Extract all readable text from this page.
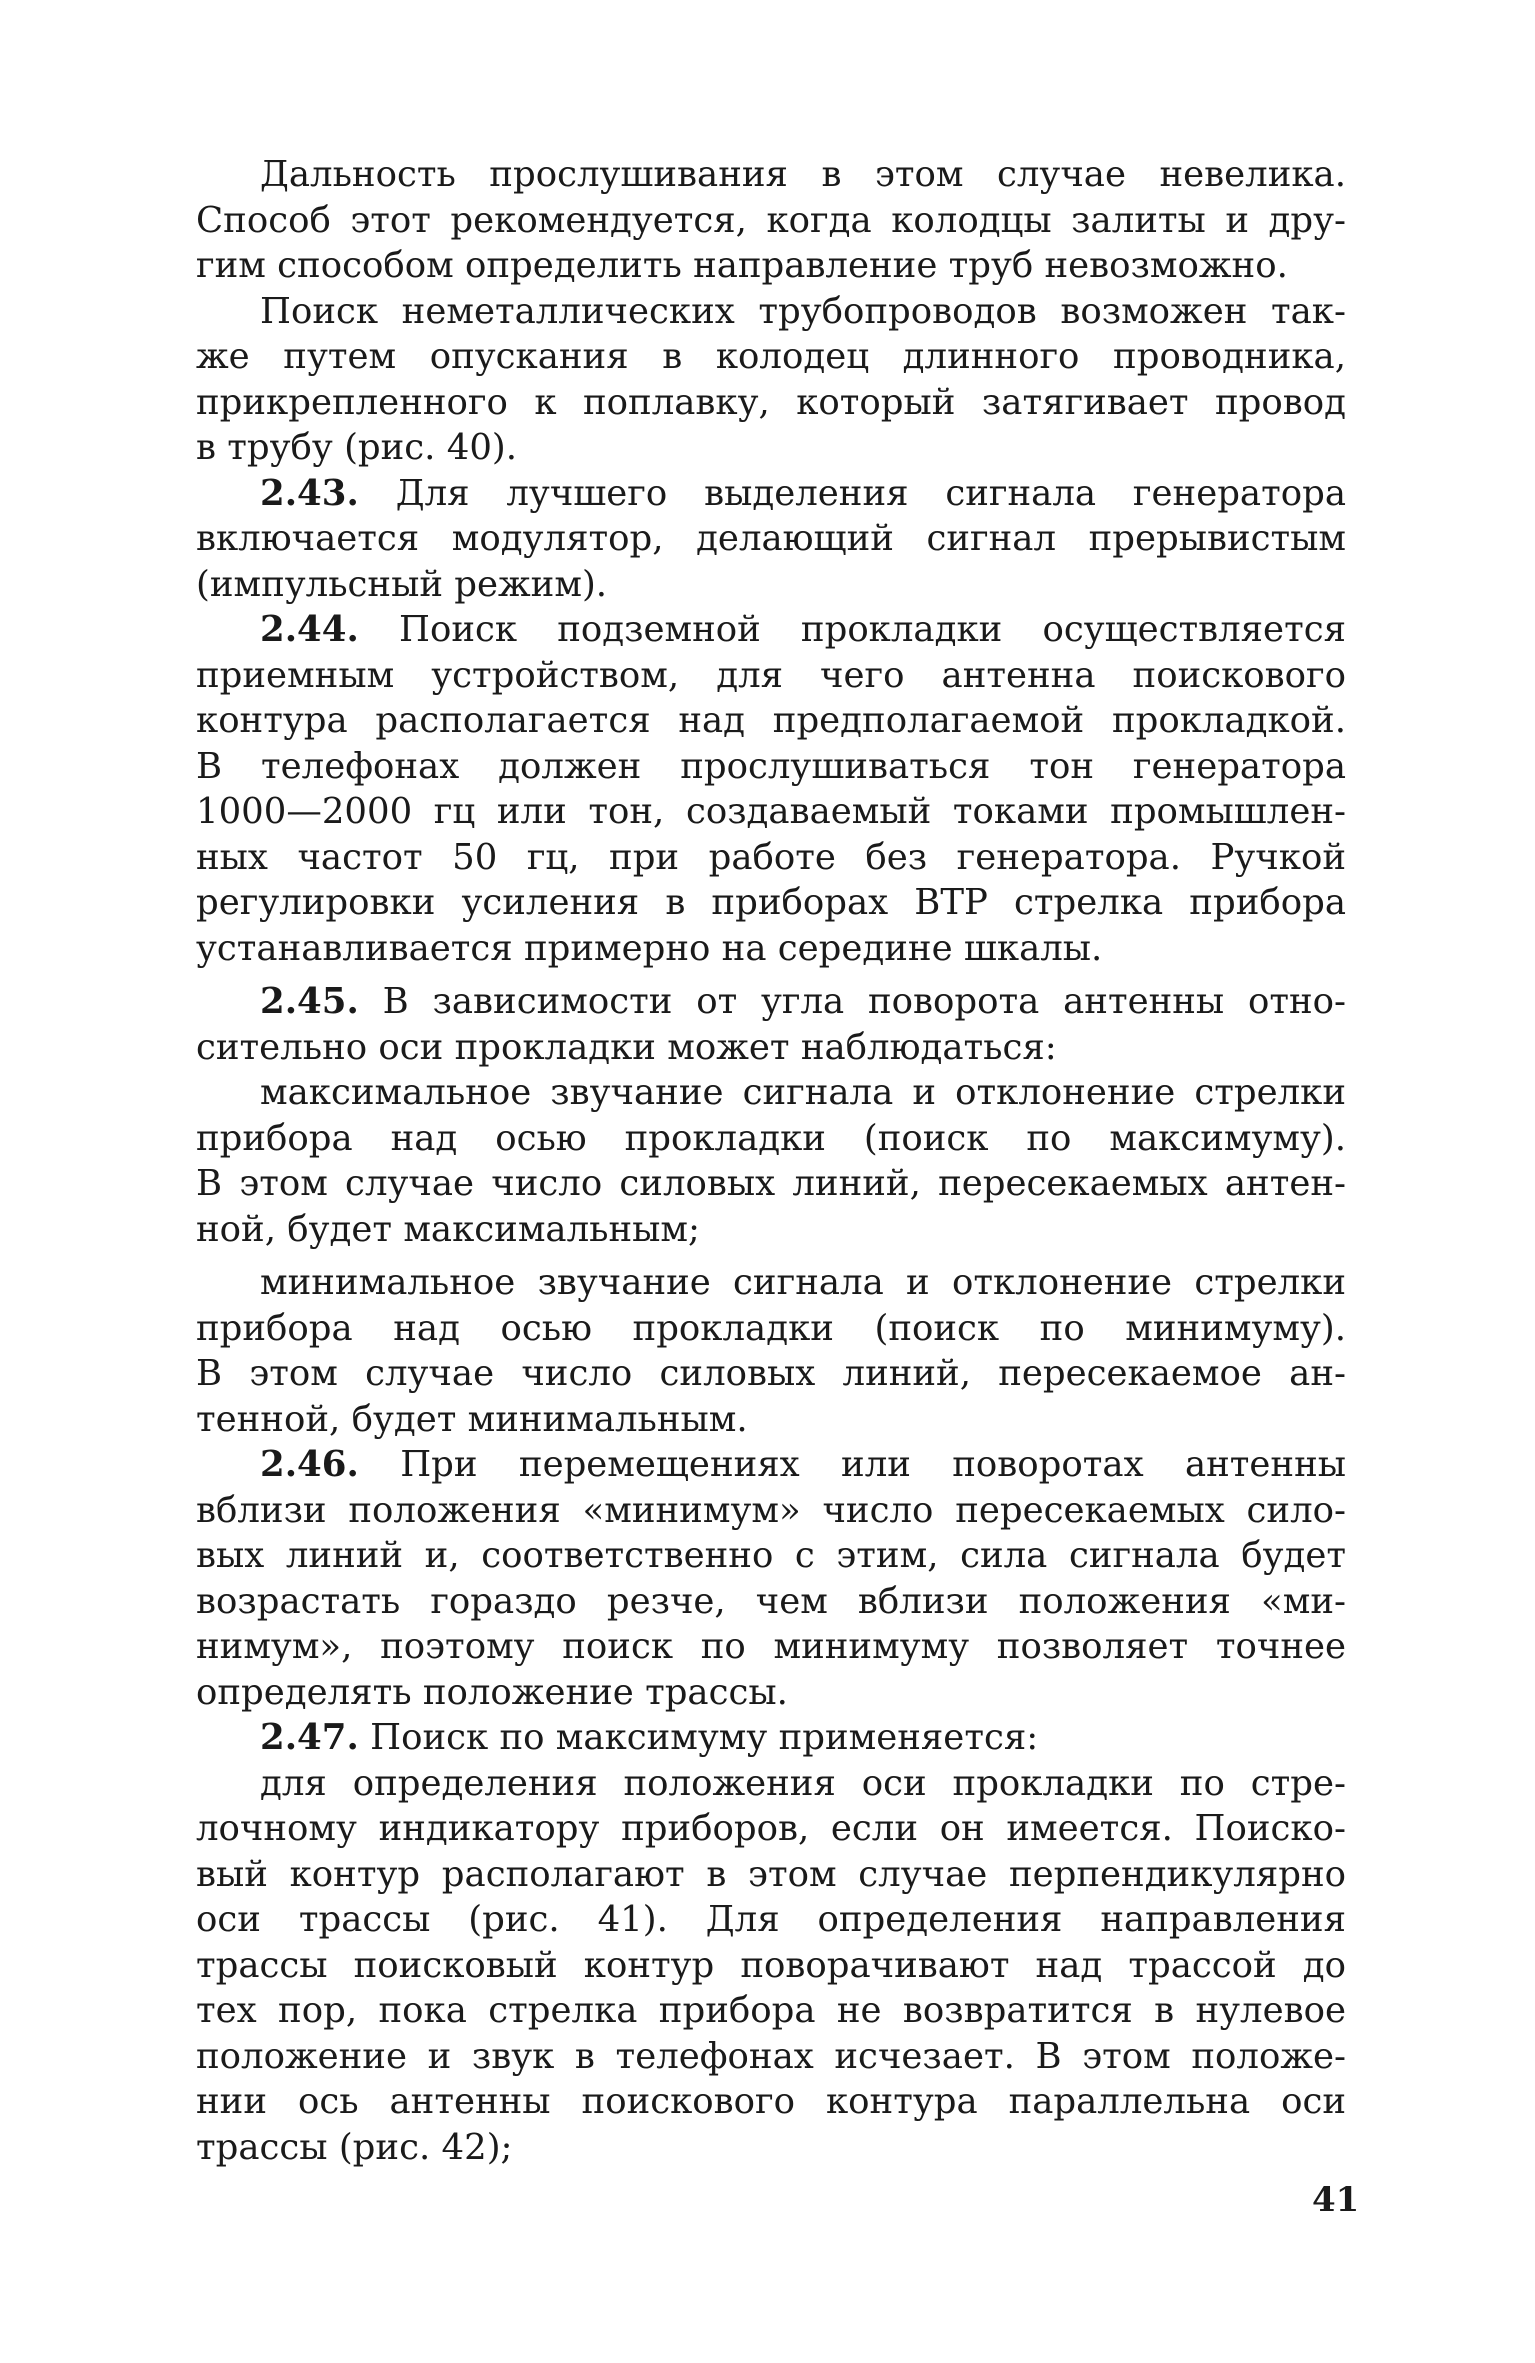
Дальность прослушивания в этом случае невелика.
Способ этот рекомендуется, когда колодцы залиты и дру-
гим способом определить направление труб невозможно.
Поиск неметаллических трубопроводов возможен так-
же путем опускания в колодец длинного проводника,
прикрепленного к поплавку, который затягивает провод
в трубу (рис. 40).
2.43. Для лучшего выделения сигнала генератора
включается модулятор, делающий сигнал прерывистым
(импульсный режим).
2.44. Поиск подземной прокладки осуществляется
приемным устройством, для чего антенна поискового
контура располагается над предполагаемой прокладкой.
В телефонах должен прослушиваться тон генератора
1000—2000 гц или тон, создаваемый токами промышлен-
ных частот 50 гц, при работе без генератора. Ручкой
регулировки усиления в приборах ВТР стрелка прибора
устанавливается примерно на середине шкалы.
2.45. В зависимости от угла поворота антенны отно-
сительно оси прокладки может наблюдаться:
максимальное звучание сигнала и отклонение стрелки
прибора над осью прокладки (поиск по максимуму).
В этом случае число силовых линий, пересекаемых антен-
ной, будет максимальным;
минимальное звучание сигнала и отклонение стрелки
прибора над осью прокладки (поиск по минимуму).
В этом случае число силовых линий, пересекаемое ан-
тенной, будет минимальным.
2.46. При перемещениях или поворотах антенны
вблизи положения «минимум» число пересекаемых сило-
вых линий и, соответственно с этим, сила сигнала будет
возрастать гораздо резче, чем вблизи положения «ми-
нимум», поэтому поиск по минимуму позволяет точнее
определять положение трассы.
2.47. Поиск по максимуму применяется:
для определения положения оси прокладки по стре-
лочному индикатору приборов, если он имеется. Поиско-
вый контур располагают в этом случае перпендикулярно
оси трассы (рис. 41). Для определения направления
трассы поисковый контур поворачивают над трассой до
тех пор, пока стрелка прибора не возвратится в нулевое
положение и звук в телефонах исчезает. В этом положе-
нии ось антенны поискового контура параллельна оси
трассы (рис. 42);
41
